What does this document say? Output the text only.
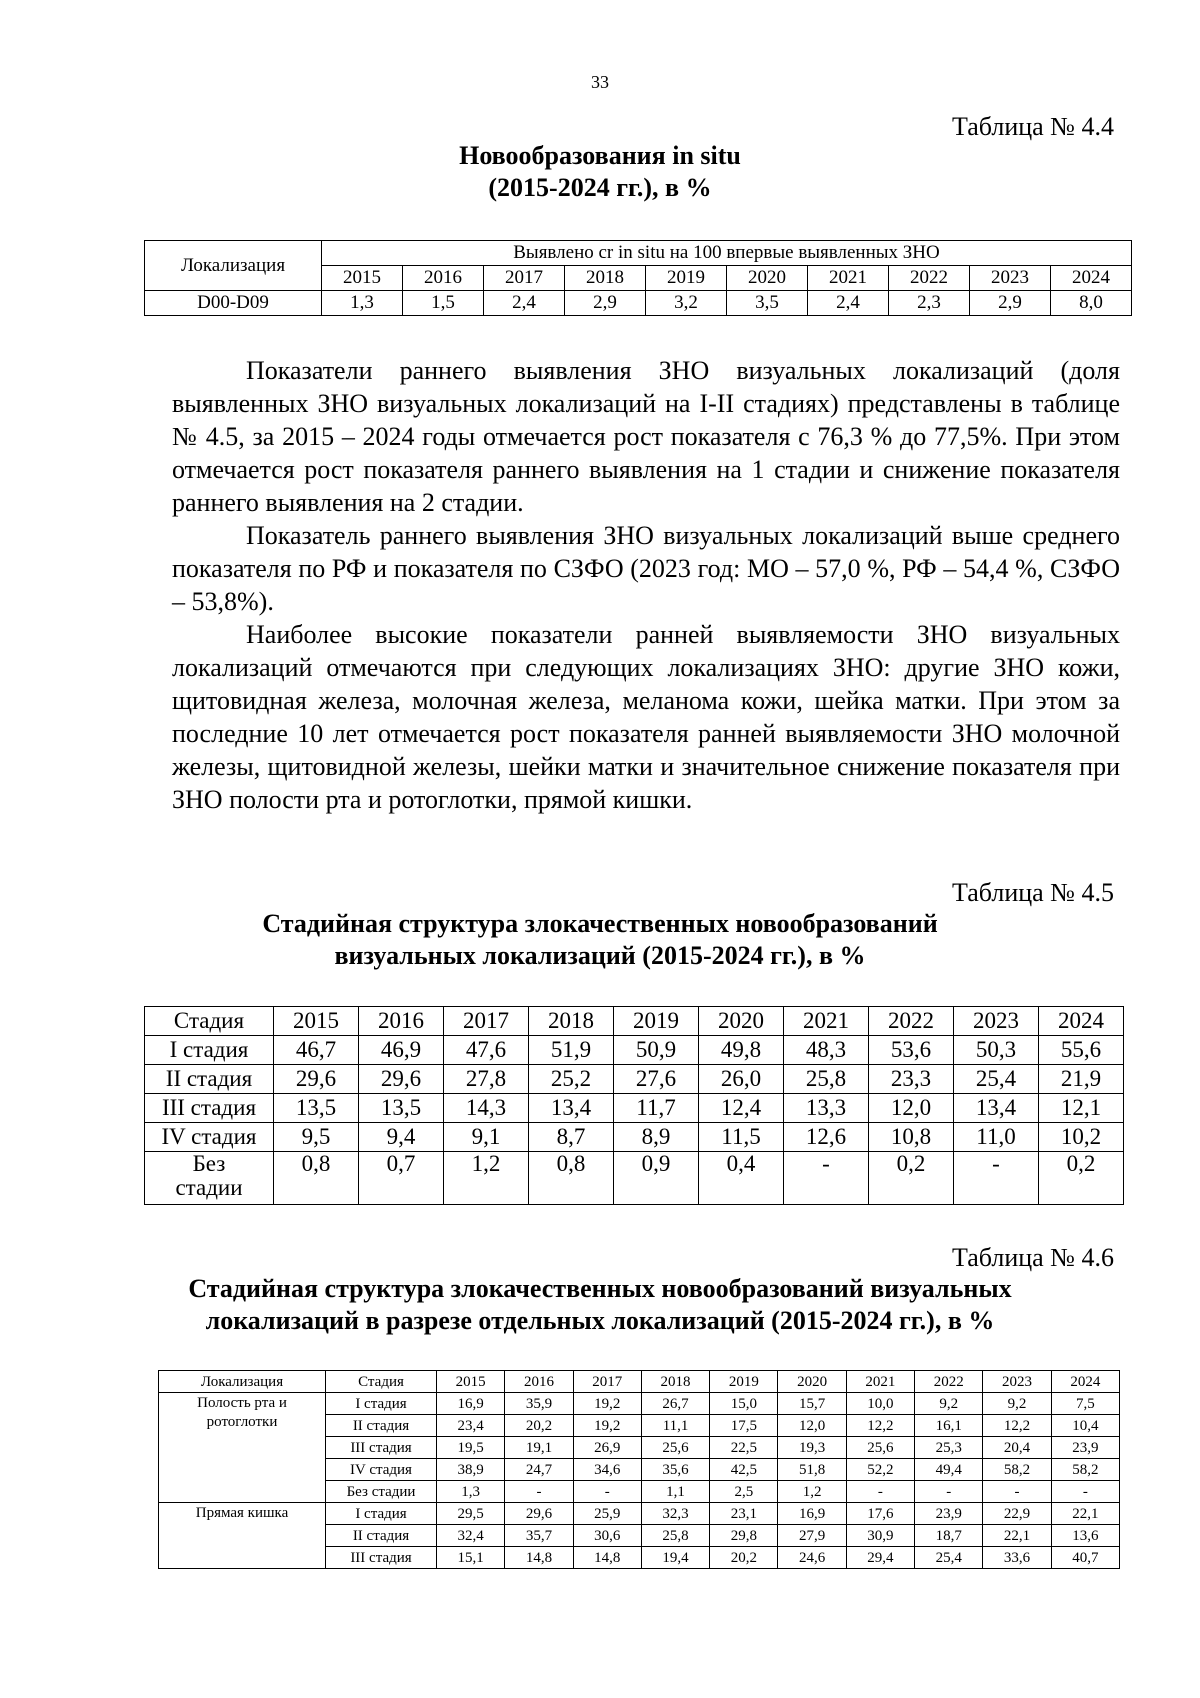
33
Таблица № 4.4
Новообразования in situ
(2015-2024 гг.), в %
Локализация	Выявлено cr in situ на 100 впервые выявленных ЗНО									
	2015	2016	2017	2018	2019	2020	2021	2022	2023	2024
D00-D09	1,3	1,5	2,4	2,9	3,2	3,5	2,4	2,3	2,9	8,0

Показатели раннего выявления ЗНО визуальных локализаций (доля выявленных ЗНО визуальных локализаций на I-II стадиях) представлены в таблице № 4.5, за 2015 – 2024 годы отмечается рост показателя с 76,3 % до 77,5%. При этом отмечается рост показателя раннего выявления на 1 стадии и снижение показателя раннего выявления на 2 стадии.

Показатель раннего выявления ЗНО визуальных локализаций выше среднего показателя по РФ и показателя по СЗФО (2023 год: МО – 57,0 %, РФ – 54,4 %, СЗФО – 53,8%).

Наиболее высокие показатели ранней выявляемости ЗНО визуальных локализаций отмечаются при следующих локализациях ЗНО: другие ЗНО кожи, щитовидная железа, молочная железа, меланома кожи, шейка матки. При этом за последние 10 лет отмечается рост показателя ранней выявляемости ЗНО молочной железы, щитовидной железы, шейки матки и значительное снижение показателя при ЗНО полости рта и ротоглотки, прямой кишки.

Таблица № 4.5
Стадийная структура злокачественных новообразований
визуальных локализаций (2015-2024 гг.), в %
Стадия	2015	2016	2017	2018	2019	2020	2021	2022	2023	2024
I стадия	46,7	46,9	47,6	51,9	50,9	49,8	48,3	53,6	50,3	55,6
II стадия	29,6	29,6	27,8	25,2	27,6	26,0	25,8	23,3	25,4	21,9
III стадия	13,5	13,5	14,3	13,4	11,7	12,4	13,3	12,0	13,4	12,1
IV стадия	9,5	9,4	9,1	8,7	8,9	11,5	12,6	10,8	11,0	10,2

Без
стадии	0,8	0,7	1,2	0,8	0,9	0,4	-	0,2	-	0,2
Таблица № 4.6
Стадийная структура злокачественных новообразований визуальных
локализаций в разрезе отдельных локализаций (2015-2024 гг.), в %
Локализация	Стадия	2015	2016	2017	2018	2019	2020	2021	2022	2023	2024

Полость рта и
ротоглотки	I стадия	16,9	35,9	19,2	26,7	15,0	15,7	10,0	9,2	9,2	7,5
	II стадия	23,4	20,2	19,2	11,1	17,5	12,0	12,2	16,1	12,2	10,4
	III стадия	19,5	19,1	26,9	25,6	22,5	19,3	25,6	25,3	20,4	23,9
	IV стадия	38,9	24,7	34,6	35,6	42,5	51,8	52,2	49,4	58,2	58,2
	Без стадии	1,3	-	-	1,1	2,5	1,2	-	-	-	-

Прямая кишка	I стадия	29,5	29,6	25,9	32,3	23,1	16,9	17,6	23,9	22,9	22,1
	II стадия	32,4	35,7	30,6	25,8	29,8	27,9	30,9	18,7	22,1	13,6
	III стадия	15,1	14,8	14,8	19,4	20,2	24,6	29,4	25,4	33,6	40,7
